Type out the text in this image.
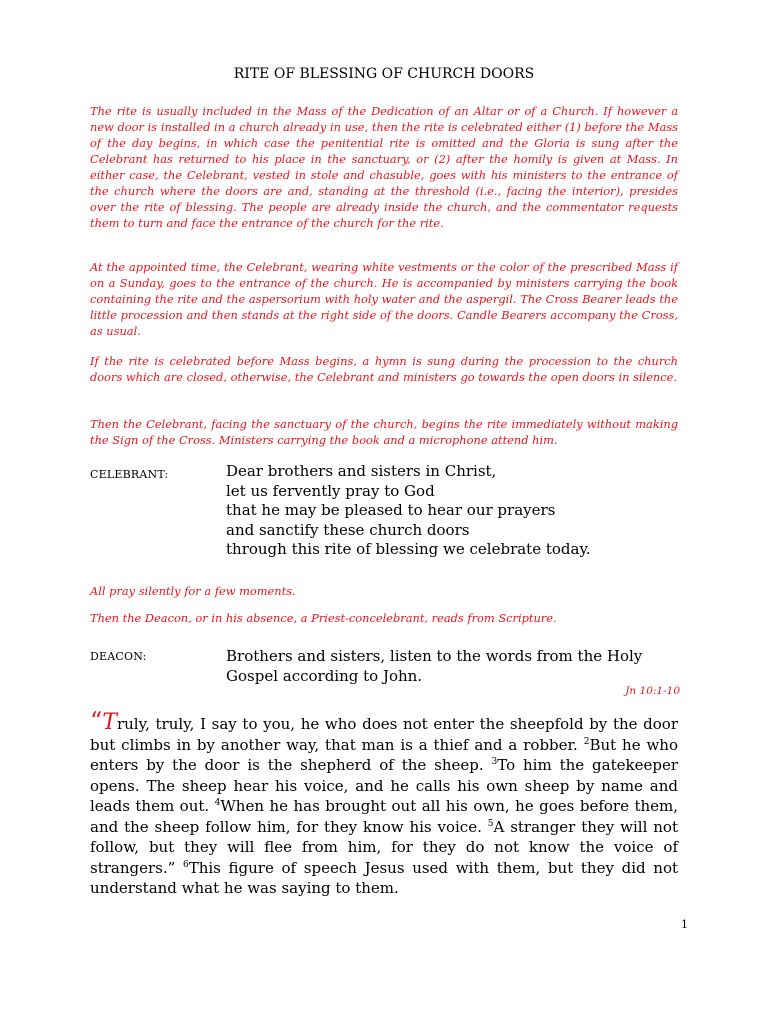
RITE OF BLESSING OF CHURCH DOORS

The rite is usually included in the Mass of the Dedication of an Altar or of a Church. If however a new door is installed in a church already in use, then the rite is celebrated either (1) before the Mass of the day begins, in which case the penitential rite is omitted and the Gloria is sung after the Celebrant has returned to his place in the sanctuary, or (2) after the homily is given at Mass. In either case, the Celebrant, vested in stole and chasuble, goes with his ministers to the entrance of the church where the doors are and, standing at the threshold (i.e., facing the interior), presides over the rite of blessing. The people are already inside the church, and the commentator requests them to turn and face the entrance of the church for the rite.

At the appointed time, the Celebrant, wearing white vestments or the color of the prescribed Mass if on a Sunday, goes to the entrance of the church. He is accompanied by ministers carrying the book containing the rite and the aspersorium with holy water and the aspergil. The Cross Bearer leads the little procession and then stands at the right side of the doors. Candle Bearers accompany the Cross, as usual.

If the rite is celebrated before Mass begins, a hymn is sung during the procession to the church doors which are closed, otherwise, the Celebrant and ministers go towards the open doors in silence.

Then the Celebrant, facing the sanctuary of the church, begins the rite immediately without making the Sign of the Cross. Ministers carrying the book and a microphone attend him.

CELEBRANT:	Dear brothers and sisters in Christ,
let us fervently pray to God
that he may be pleased to hear our prayers
and sanctify these church doors
through this rite of blessing we celebrate today.

All pray silently for a few moments.

Then the Deacon, or in his absence, a Priest-concelebrant, reads from Scripture.

DEACON:	Brothers and sisters, listen to the words from the Holy
Gospel according to John.
Jn 10:1-10

“Truly, truly, I say to you, he who does not enter the sheepfold by the door but climbs in by another way, that man is a thief and a robber. $^2$But he who enters by the door is the shepherd of the sheep. $^3$To him the gatekeeper opens. The sheep hear his voice, and he calls his own sheep by name and leads them out. $^4$When he has brought out all his own, he goes before them, and the sheep follow him, for they know his voice. $^5$A stranger they will not follow, but they will flee from him, for they do not know the voice of strangers.” $^6$This figure of speech Jesus used with them, but they did not understand what he was saying to them.

1
